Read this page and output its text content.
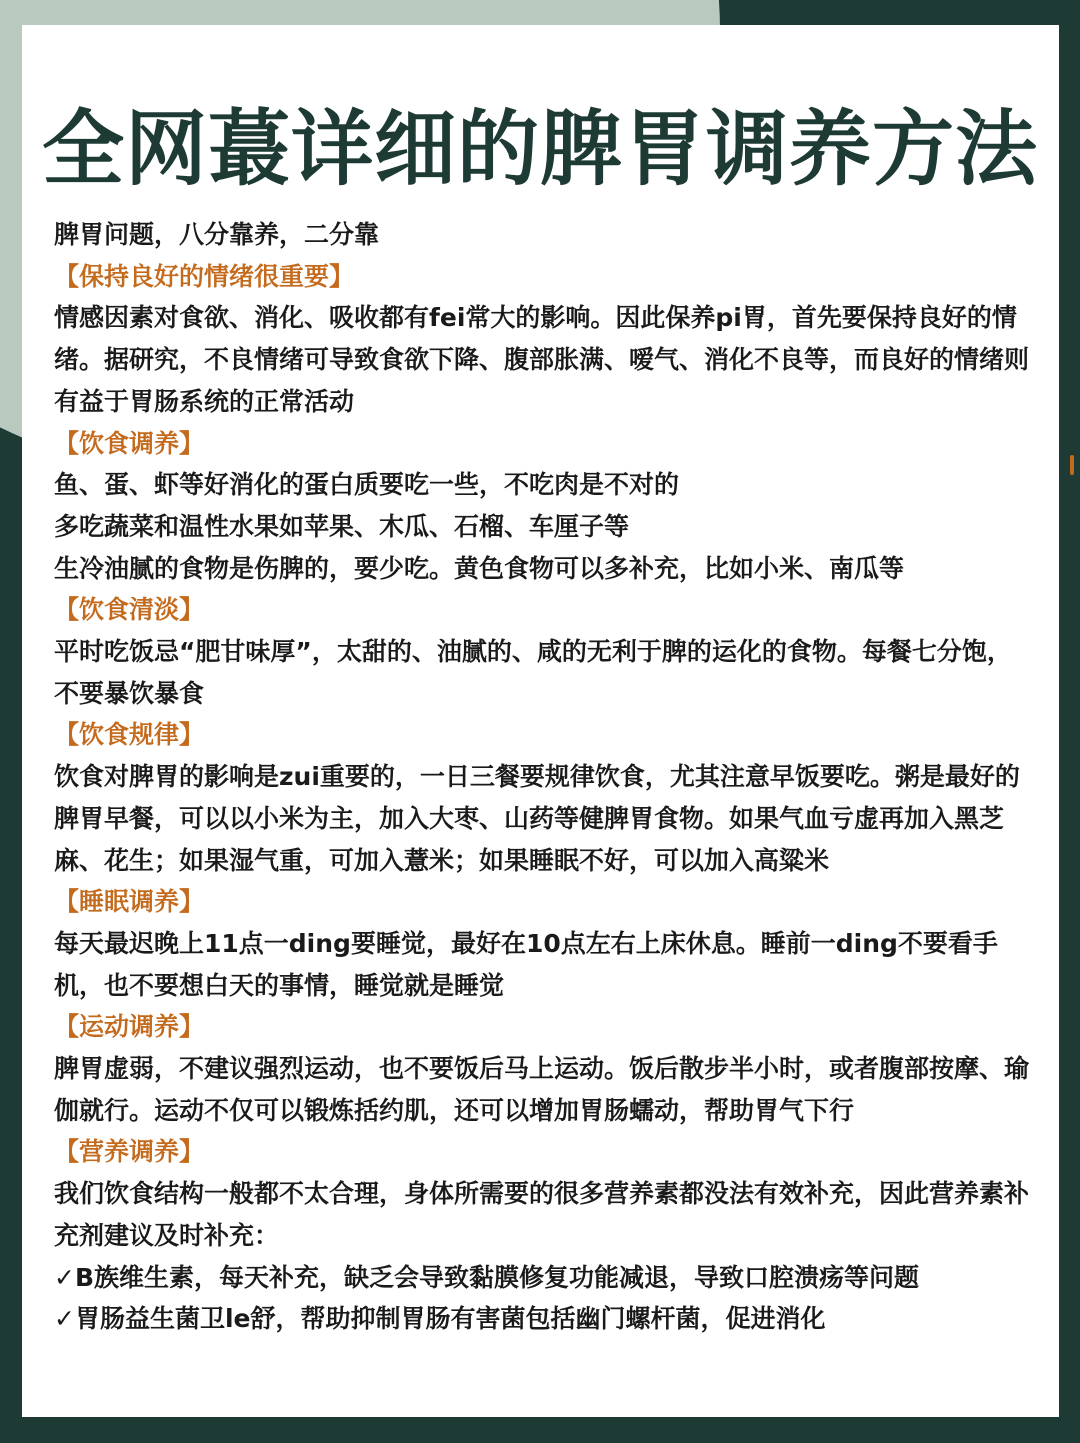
全网蕞详细的脾胃调养方法
脾胃问题，八分靠养，二分靠
【保持良好的情绪很重要】
情感因素对食欲、消化、吸收都有fei常大的影响。因此保养pi胃，首先要保持良好的情绪。据研究，不良情绪可导致食欲下降、腹部胀满、嗳气、消化不良等，而良好的情绪则有益于胃肠系统的正常活动
【饮食调养】
鱼、蛋、虾等好消化的蛋白质要吃一些，不吃肉是不对的
多吃蔬菜和温性水果如苹果、木瓜、石榴、车厘子等
生冷油腻的食物是伤脾的，要少吃。黄色食物可以多补充，比如小米、南瓜等
【饮食清淡】
平时吃饭忌“肥甘味厚”，太甜的、油腻的、咸的无利于脾的运化的食物。每餐七分饱，不要暴饮暴食
【饮食规律】
饮食对脾胃的影响是zui重要的，一日三餐要规律饮食，尤其注意早饭要吃。粥是最好的脾胃早餐，可以以小米为主，加入大枣、山药等健脾胃食物。如果气血亏虚再加入黑芝麻、花生；如果湿气重，可加入薏米；如果睡眠不好，可以加入高粱米
【睡眠调养】
每天最迟晚上11点一ding要睡觉，最好在10点左右上床休息。睡前一ding不要看手机，也不要想白天的事情，睡觉就是睡觉
【运动调养】
脾胃虚弱，不建议强烈运动，也不要饭后马上运动。饭后散步半小时，或者腹部按摩、瑜伽就行。运动不仅可以锻炼括约肌，还可以增加胃肠蠕动，帮助胃气下行
【营养调养】
我们饮食结构一般都不太合理，身体所需要的很多营养素都没法有效补充，因此营养素补充剂建议及时补充：
✓B族维生素，每天补充，缺乏会导致黏膜修复功能减退，导致口腔溃疡等问题
✓胃肠益生菌卫le舒，帮助抑制胃肠有害菌包括幽门螺杆菌，促进消化
